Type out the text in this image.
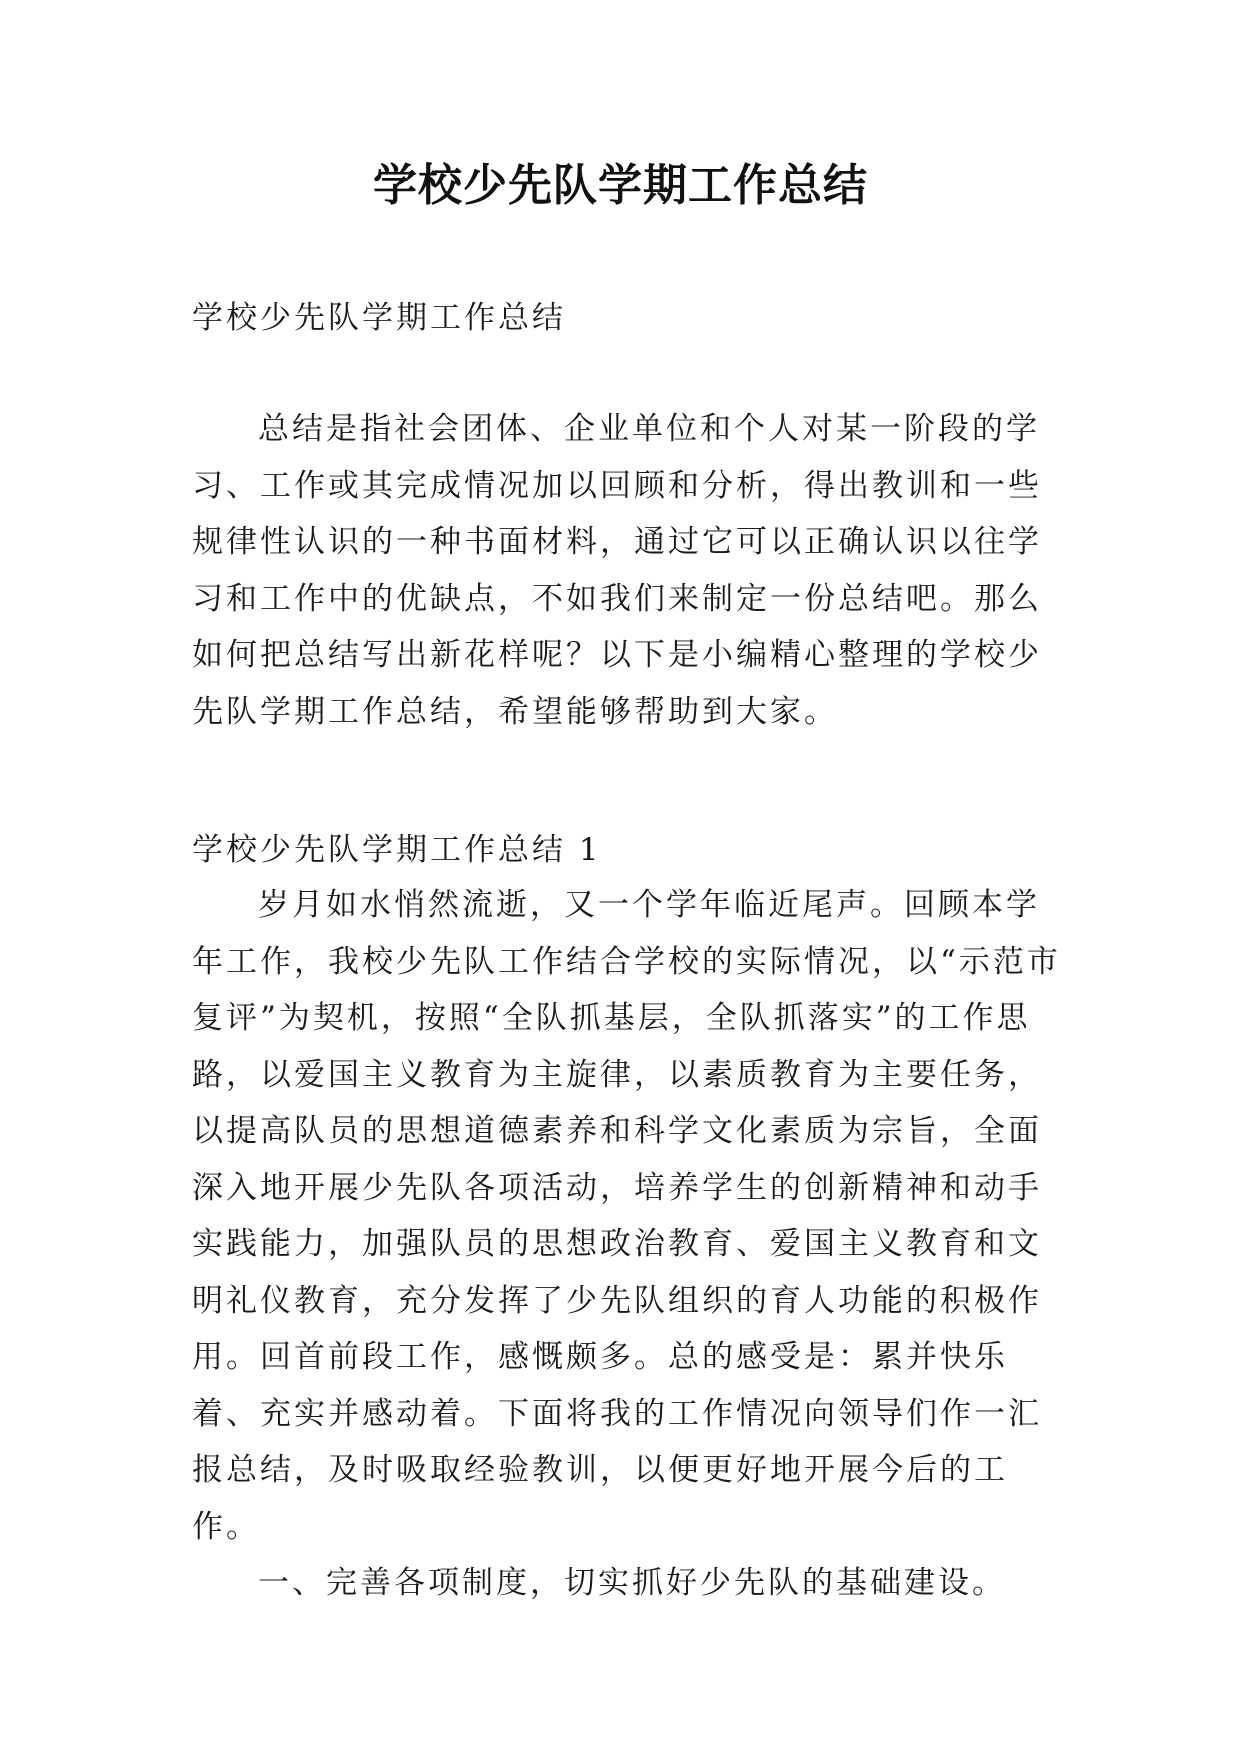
学校少先队学期工作总结

学校少先队学期工作总结

总结是指社会团体、企业单位和个人对某一阶段的学习、工作或其完成情况加以回顾和分析，得出教训和一些规律性认识的一种书面材料，通过它可以正确认识以往学习和工作中的优缺点，不如我们来制定一份总结吧。那么如何把总结写出新花样呢？以下是小编精心整理的学校少先队学期工作总结，希望能够帮助到大家。

学校少先队学期工作总结 1

岁月如水悄然流逝，又一个学年临近尾声。回顾本学年工作，我校少先队工作结合学校的实际情况，以“示范市复评”为契机，按照“全队抓基层，全队抓落实”的工作思路，以爱国主义教育为主旋律，以素质教育为主要任务，以提高队员的思想道德素养和科学文化素质为宗旨，全面深入地开展少先队各项活动，培养学生的创新精神和动手实践能力，加强队员的思想政治教育、爱国主义教育和文明礼仪教育，充分发挥了少先队组织的育人功能的积极作用。回首前段工作，感慨颇多。总的感受是：累并快乐着、充实并感动着。下面将我的工作情况向领导们作一汇报总结，及时吸取经验教训，以便更好地开展今后的工作。

一、完善各项制度，切实抓好少先队的基础建设。
